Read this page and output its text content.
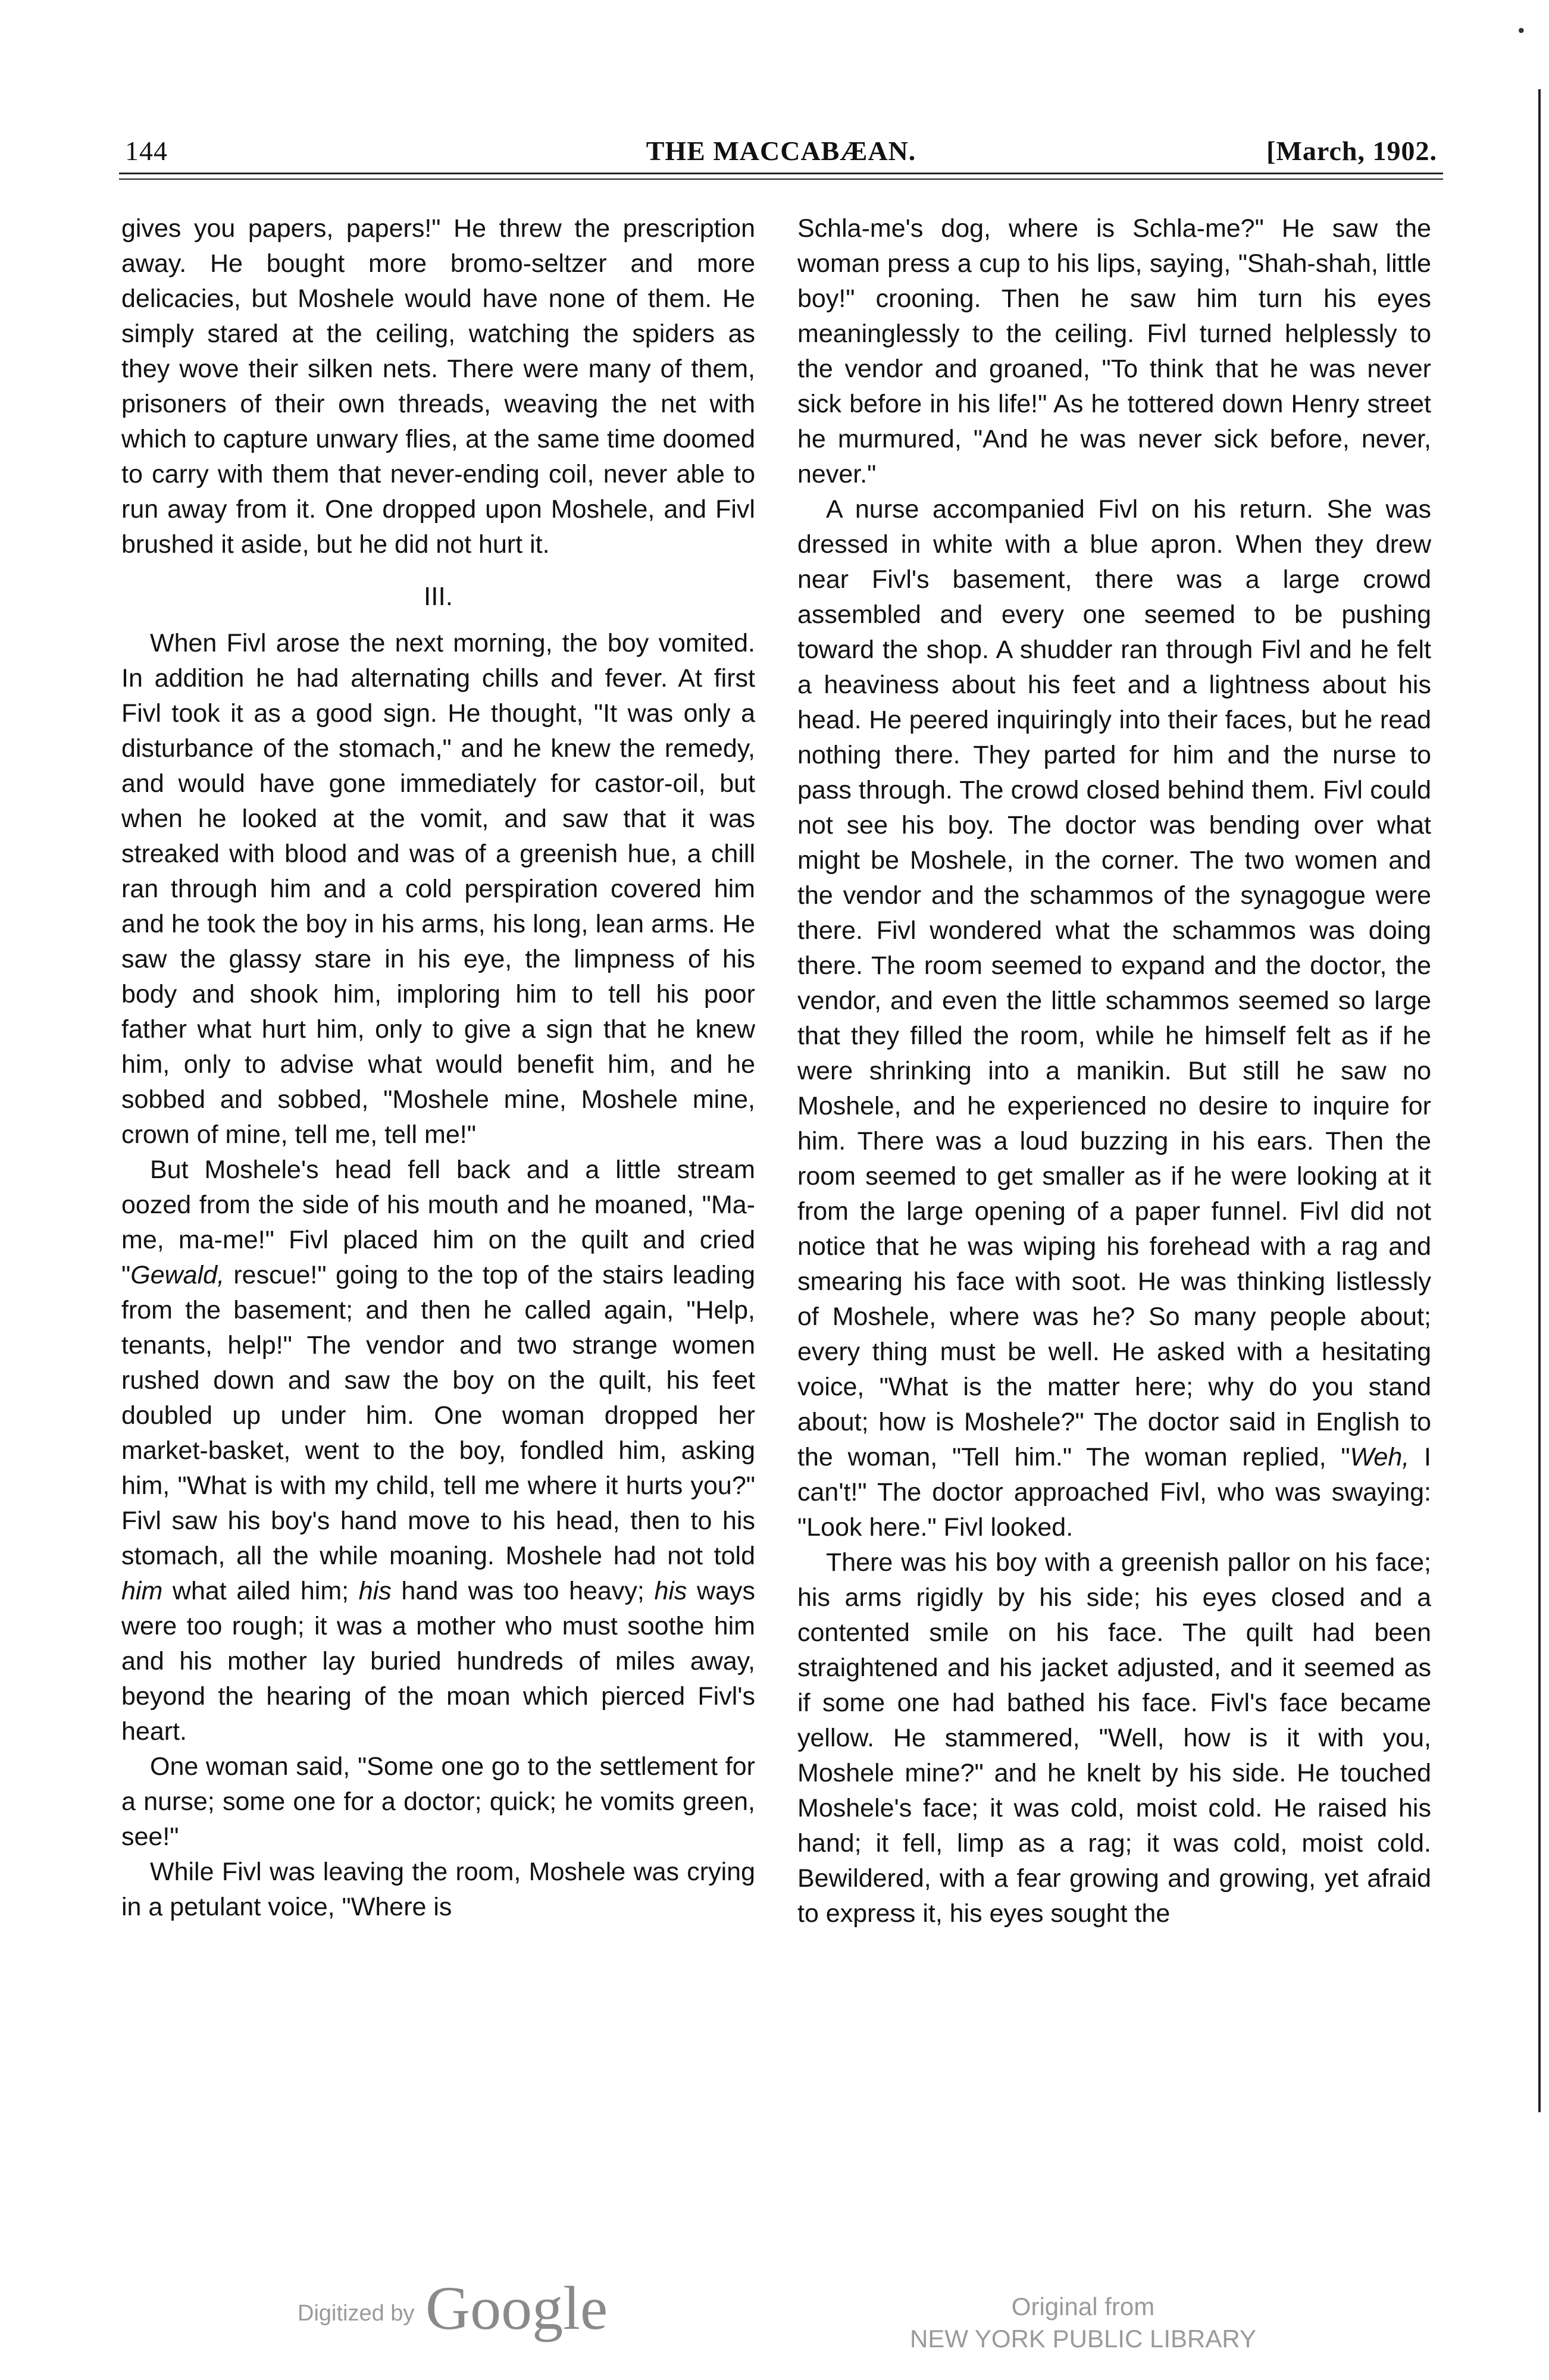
•
144	THE MACCABÆAN.	[March, 1902.

gives you papers, papers!" He threw the prescription away. He bought more bromo-seltzer and more delicacies, but Moshele would have none of them. He simply stared at the ceiling, watching the spiders as they wove their silken nets. There were many of them, prisoners of their own threads, weaving the net with which to capture unwary flies, at the same time doomed to carry with them that never-ending coil, never able to run away from it. One dropped upon Moshele, and Fivl brushed it aside, but he did not hurt it.

III.

When Fivl arose the next morning, the boy vomited. In addition he had alternating chills and fever. At first Fivl took it as a good sign. He thought, "It was only a disturbance of the stomach," and he knew the remedy, and would have gone immediately for castor-oil, but when he looked at the vomit, and saw that it was streaked with blood and was of a greenish hue, a chill ran through him and a cold perspiration covered him and he took the boy in his arms, his long, lean arms. He saw the glassy stare in his eye, the limpness of his body and shook him, imploring him to tell his poor father what hurt him, only to give a sign that he knew him, only to advise what would benefit him, and he sobbed and sobbed, "Moshele mine, Moshele mine, crown of mine, tell me, tell me!"

But Moshele's head fell back and a little stream oozed from the side of his mouth and he moaned, "Ma-me, ma-me!" Fivl placed him on the quilt and cried "Gewald, rescue!" going to the top of the stairs leading from the basement; and then he called again, "Help, tenants, help!" The vendor and two strange women rushed down and saw the boy on the quilt, his feet doubled up under him. One woman dropped her market-basket, went to the boy, fondled him, asking him, "What is with my child, tell me where it hurts you?" Fivl saw his boy's hand move to his head, then to his stomach, all the while moaning. Moshele had not told him what ailed him; his hand was too heavy; his ways were too rough; it was a mother who must soothe him and his mother lay buried hundreds of miles away, beyond the hearing of the moan which pierced Fivl's heart.

One woman said, "Some one go to the settlement for a nurse; some one for a doctor; quick; he vomits green, see!"

While Fivl was leaving the room, Moshele was crying in a petulant voice, "Where is

Schla-me's dog, where is Schla-me?" He saw the woman press a cup to his lips, saying, "Shah-shah, little boy!" crooning. Then he saw him turn his eyes meaninglessly to the ceiling. Fivl turned helplessly to the vendor and groaned, "To think that he was never sick before in his life!" As he tottered down Henry street he murmured, "And he was never sick before, never, never."

A nurse accompanied Fivl on his return. She was dressed in white with a blue apron. When they drew near Fivl's basement, there was a large crowd assembled and every one seemed to be pushing toward the shop. A shudder ran through Fivl and he felt a heaviness about his feet and a lightness about his head. He peered inquiringly into their faces, but he read nothing there. They parted for him and the nurse to pass through. The crowd closed behind them. Fivl could not see his boy. The doctor was bending over what might be Moshele, in the corner. The two women and the vendor and the schammos of the synagogue were there. Fivl wondered what the schammos was doing there. The room seemed to expand and the doctor, the vendor, and even the little schammos seemed so large that they filled the room, while he himself felt as if he were shrinking into a manikin. But still he saw no Moshele, and he experienced no desire to inquire for him. There was a loud buzzing in his ears. Then the room seemed to get smaller as if he were looking at it from the large opening of a paper funnel. Fivl did not notice that he was wiping his forehead with a rag and smearing his face with soot. He was thinking listlessly of Moshele, where was he? So many people about; every thing must be well. He asked with a hesitating voice, "What is the matter here; why do you stand about; how is Moshele?" The doctor said in English to the woman, "Tell him." The woman replied, "Weh, I can't!" The doctor approached Fivl, who was swaying: "Look here." Fivl looked.

There was his boy with a greenish pallor on his face; his arms rigidly by his side; his eyes closed and a contented smile on his face. The quilt had been straightened and his jacket adjusted, and it seemed as if some one had bathed his face. Fivl's face became yellow. He stammered, "Well, how is it with you, Moshele mine?" and he knelt by his side. He touched Moshele's face; it was cold, moist cold. He raised his hand; it fell, limp as a rag; it was cold, moist cold. Bewildered, with a fear growing and growing, yet afraid to express it, his eyes sought the

Digitized by Google	Original from
NEW YORK PUBLIC LIBRARY
